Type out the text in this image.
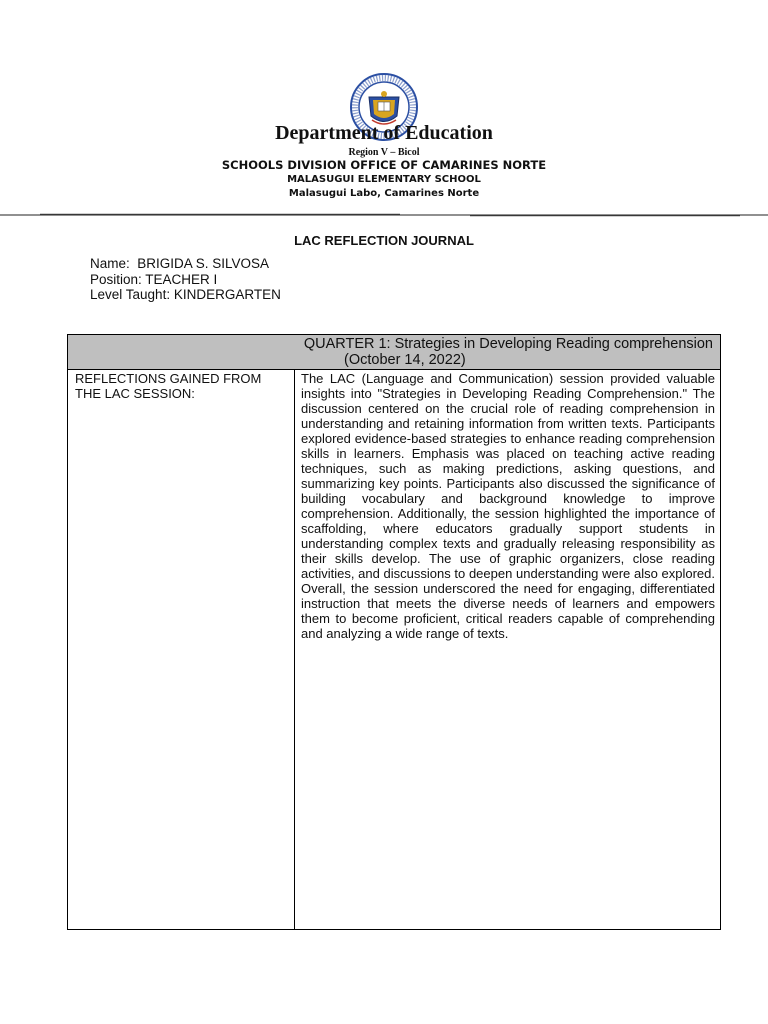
Department of Education
Region V – Bicol
SCHOOLS DIVISION OFFICE OF CAMARINES NORTE
MALASUGUI ELEMENTARY SCHOOL
Malasugui Labo, Camarines Norte
LAC REFLECTION JOURNAL
Name:  BRIGIDA S. SILVOSA
Position: TEACHER I
Level Taught: KINDERGARTEN
QUARTER 1: Strategies in Developing Reading comprehension
(October 14, 2022)
REFLECTIONS GAINED FROM THE LAC SESSION:
The LAC (Language and Communication) session provided valuable insights into "Strategies in Developing Reading Comprehension." The discussion centered on the crucial role of reading comprehension in understanding and retaining information from written texts. Participants explored evidence-based strategies to enhance reading comprehension skills in learners. Emphasis was placed on teaching active reading techniques, such as making predictions, asking questions, and summarizing key points. Participants also discussed the significance of building vocabulary and background knowledge to improve comprehension. Additionally, the session highlighted the importance of scaffolding, where educators gradually support students in understanding complex texts and gradually releasing responsibility as their skills develop. The use of graphic organizers, close reading activities, and discussions to deepen understanding were also explored. Overall, the session underscored the need for engaging, differentiated instruction that meets the diverse needs of learners and empowers them to become proficient, critical readers capable of comprehending and analyzing a wide range of texts.
